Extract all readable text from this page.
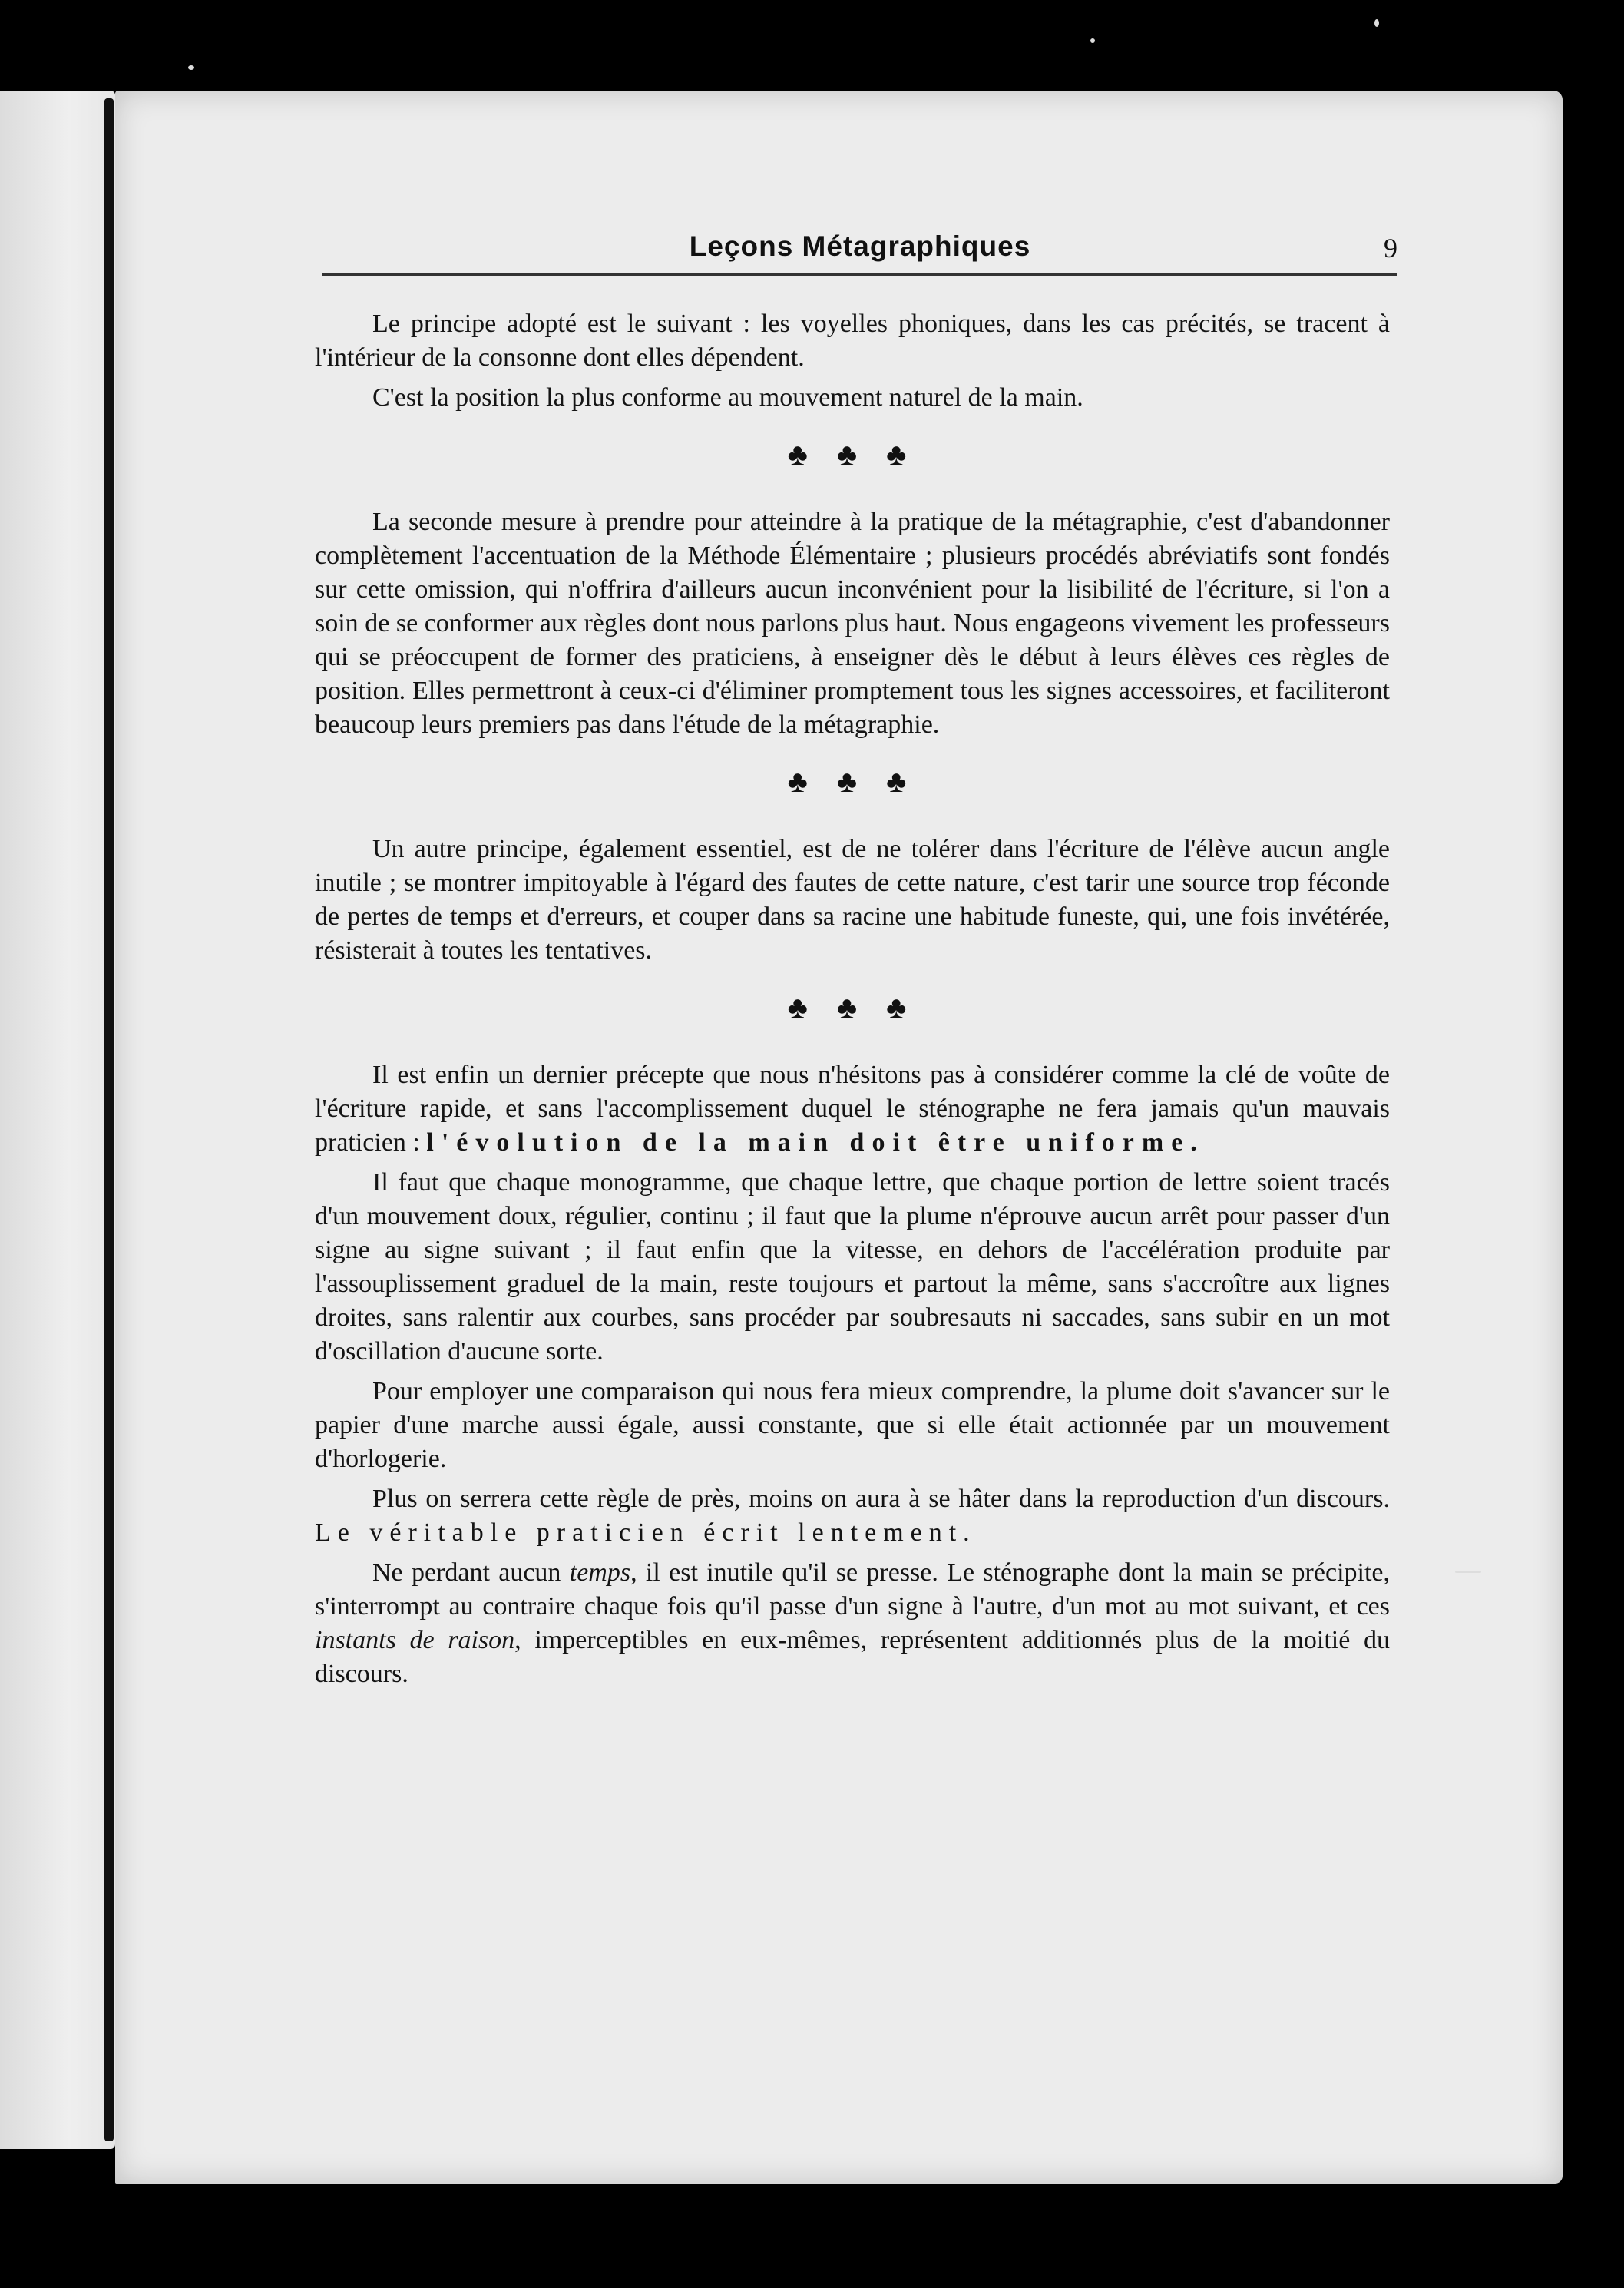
Leçons Métagraphiques	9

Le principe adopté est le suivant : les voyelles phoniques, dans les cas précités, se tracent à l'intérieur de la consonne dont elles dépendent.

C'est la position la plus conforme au mouvement naturel de la main.

♣ ♣ ♣

La seconde mesure à prendre pour atteindre à la pratique de la métagraphie, c'est d'abandonner complètement l'accentuation de la Méthode Élémentaire ; plusieurs procédés abréviatifs sont fondés sur cette omission, qui n'offrira d'ailleurs aucun inconvénient pour la lisibilité de l'écriture, si l'on a soin de se conformer aux règles dont nous parlons plus haut. Nous engageons vivement les professeurs qui se préoccupent de former des praticiens, à enseigner dès le début à leurs élèves ces règles de position. Elles permettront à ceux-ci d'éliminer promptement tous les signes accessoires, et faciliteront beaucoup leurs premiers pas dans l'étude de la métagraphie.

♣ ♣ ♣

Un autre principe, également essentiel, est de ne tolérer dans l'écriture de l'élève aucun angle inutile ; se montrer impitoyable à l'égard des fautes de cette nature, c'est tarir une source trop féconde de pertes de temps et d'erreurs, et couper dans sa racine une habitude funeste, qui, une fois invétérée, résisterait à toutes les tentatives.

♣ ♣ ♣

Il est enfin un dernier précepte que nous n'hésitons pas à considérer comme la clé de voûte de l'écriture rapide, et sans l'accomplissement duquel le sténographe ne fera jamais qu'un mauvais praticien : l'évolution de la main doit être uniforme.

Il faut que chaque monogramme, que chaque lettre, que chaque portion de lettre soient tracés d'un mouvement doux, régulier, continu ; il faut que la plume n'éprouve aucun arrêt pour passer d'un signe au signe suivant ; il faut enfin que la vitesse, en dehors de l'accélération produite par l'assouplissement graduel de la main, reste toujours et partout la même, sans s'accroître aux lignes droites, sans ralentir aux courbes, sans procéder par soubresauts ni saccades, sans subir en un mot d'oscillation d'aucune sorte.

Pour employer une comparaison qui nous fera mieux comprendre, la plume doit s'avancer sur le papier d'une marche aussi égale, aussi constante, que si elle était actionnée par un mouvement d'horlogerie.

Plus on serrera cette règle de près, moins on aura à se hâter dans la reproduction d'un discours. Le véritable praticien écrit lentement.

Ne perdant aucun temps, il est inutile qu'il se presse. Le sténographe dont la main se précipite, s'interrompt au contraire chaque fois qu'il passe d'un signe à l'autre, d'un mot au mot suivant, et ces instants de raison, imperceptibles en eux-mêmes, représentent additionnés plus de la moitié du discours.
